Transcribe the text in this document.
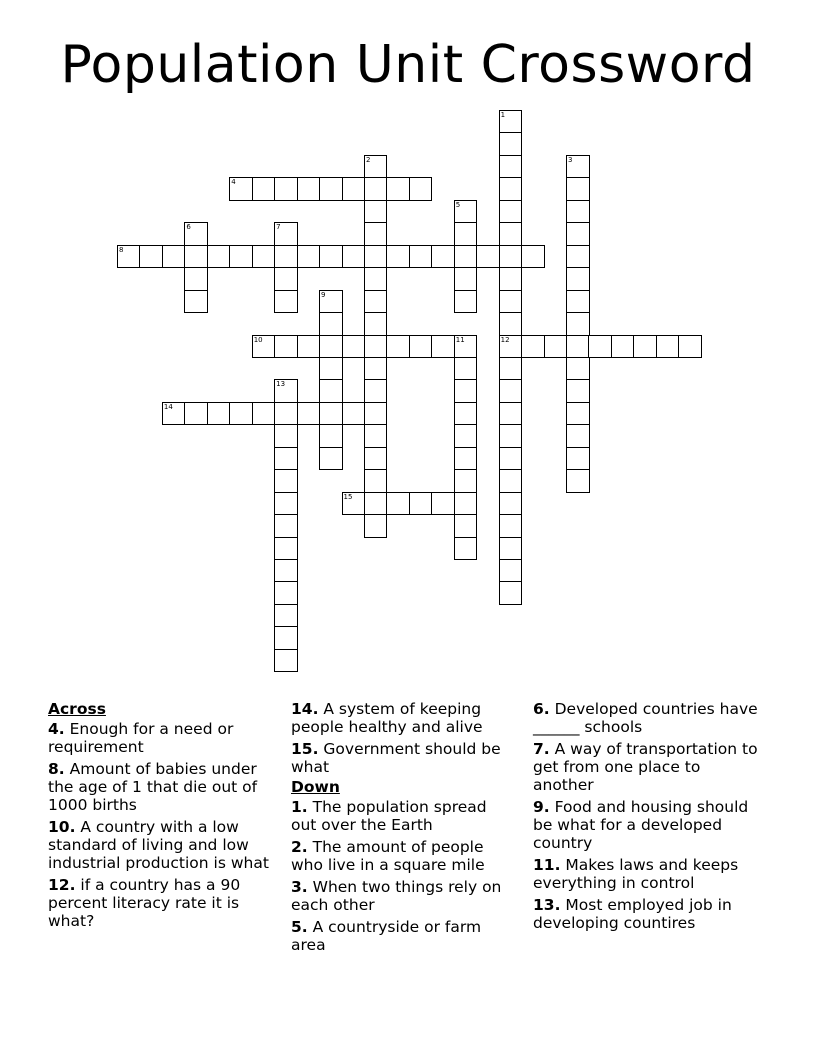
Population Unit Crossword
1
12
2	3
4
5
6	7
8
9
10	11
13
14
15
Across
4. Enough for a need or requirement
8. Amount of babies under the age of 1 that die out of 1000 births
10. A country with a low standard of living and low industrial production is what
12. if a country has a 90 percent literacy rate it is what?
14. A system of keeping people healthy and alive
15. Government should be what
Down
1. The population spread out over the Earth
2. The amount of people who live in a square mile
3. When two things rely on each other
5. A countryside or farm area
6. Developed countries have ______ schools
7. A way of transportation to get from one place to another
9. Food and housing should be what for a developed country
11. Makes laws and keeps everything in control
13. Most employed job in developing countires
